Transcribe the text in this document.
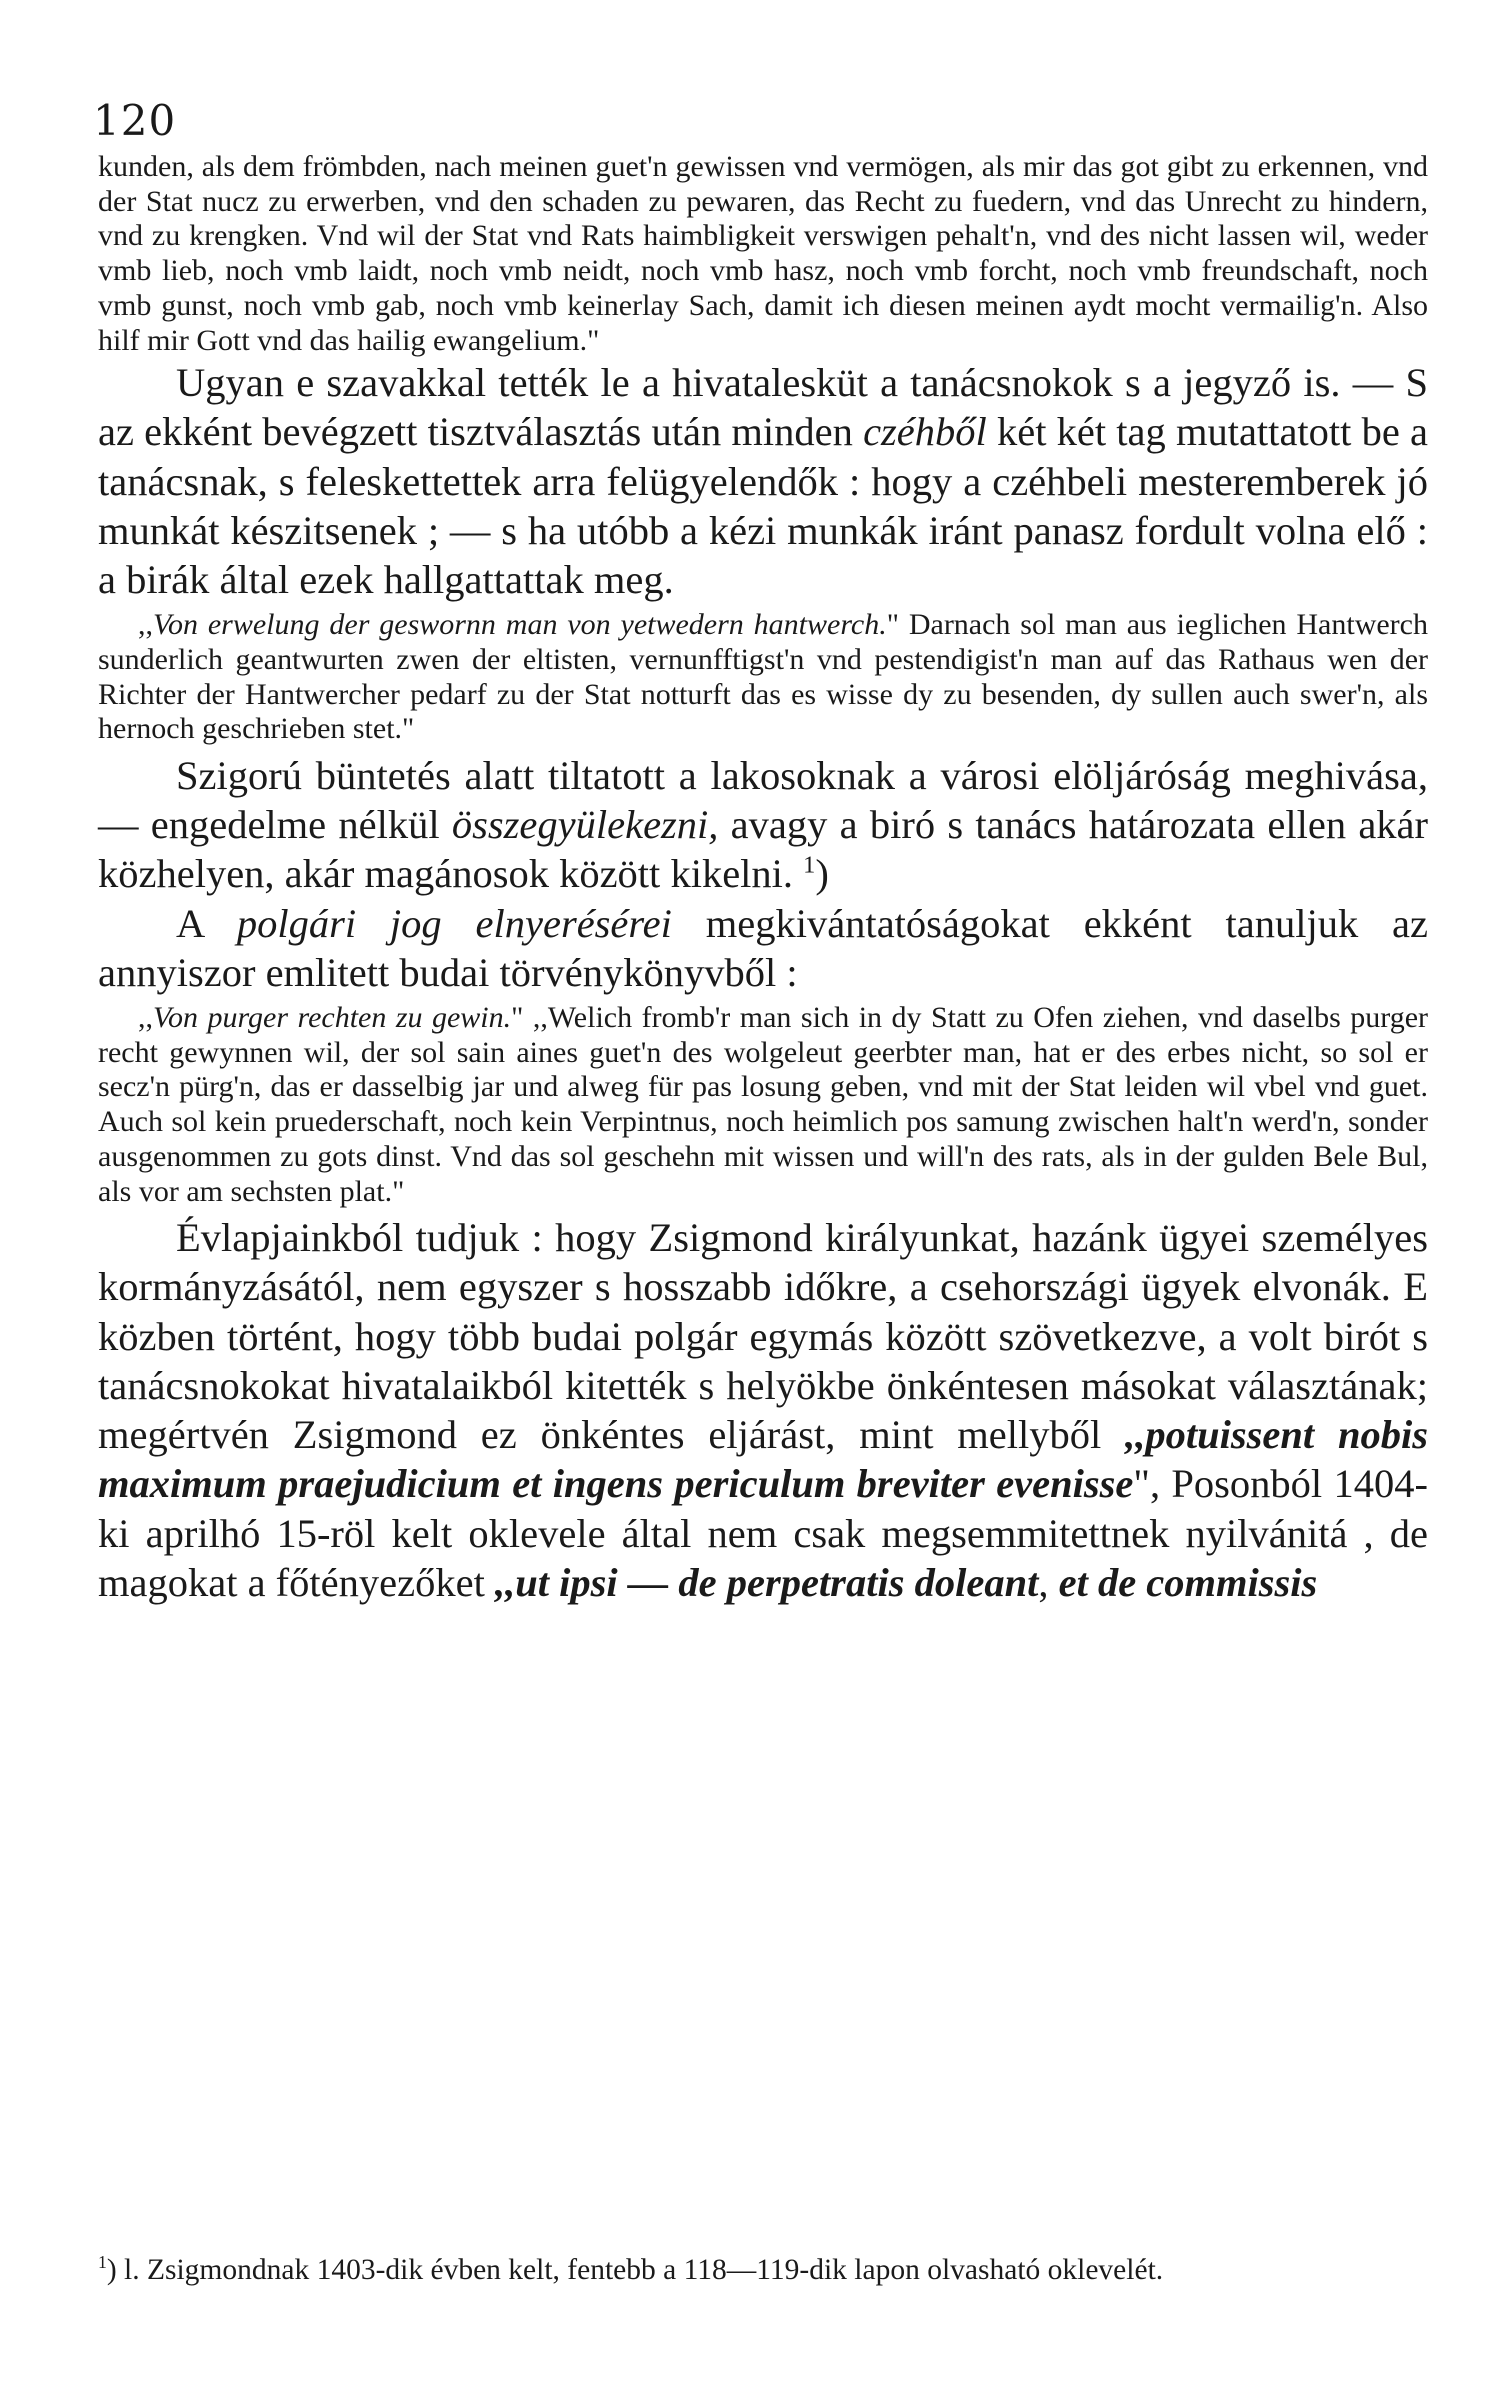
120

kunden, als dem frömbden, nach meinen guet'n gewissen vnd vermögen, als mir das got gibt zu erkennen, vnd der Stat nucz zu erwerben, vnd den schaden zu pewaren, das Recht zu fuedern, vnd das Unrecht zu hindern, vnd zu krengken. Vnd wil der Stat vnd Rats haimbligkeit verswigen pehalt'n, vnd des nicht lassen wil, weder vmb lieb, noch vmb laidt, noch vmb neidt, noch vmb hasz, noch vmb forcht, noch vmb freundschaft, noch vmb gunst, noch vmb gab, noch vmb keinerlay Sach, damit ich diesen meinen aydt mocht vermailig'n. Also hilf mir Gott vnd das hailig ewangelium."

Ugyan e szavakkal tették le a hivatalesküt a tanácsnokok s a jegyző is. — S az ekként bevégzett tisztválasztás után minden czéhből két két tag mutattatott be a tanácsnak, s feleskettettek arra felügyelendők : hogy a czéhbeli mesteremberek jó munkát készitsenek ; — s ha utóbb a kézi munkák iránt panasz fordult volna elő : a birák által ezek hallgattattak meg.

,,Von erwelung der geswornn man von yetwedern hantwerch." Darnach sol man aus ieglichen Hantwerch sunderlich geantwurten zwen der eltisten, vernunfftigst'n vnd pestendigist'n man auf das Rathaus wen der Richter der Hantwercher pedarf zu der Stat notturft das es wisse dy zu besenden, dy sullen auch swer'n, als hernoch geschrieben stet."

Szigorú büntetés alatt tiltatott a lakosoknak a városi elöljáróság meghivása, — engedelme nélkül összegyülekezni, avagy a biró s tanács határozata ellen akár közhelyen, akár magánosok között kikelni. $^1$)

A polgári jog elnyerésérei megkivántatóságokat ekként tanuljuk az annyiszor emlitett budai törvénykönyvből :

,,Von purger rechten zu gewin." ,,Welich fromb'r man sich in dy Statt zu Ofen ziehen, vnd daselbs purger recht gewynnen wil, der sol sain aines guet'n des wolgeleut geerbter man, hat er des erbes nicht, so sol er secz'n pürg'n, das er dasselbig jar und alweg für pas losung geben, vnd mit der Stat leiden wil vbel vnd guet. Auch sol kein pruederschaft, noch kein Verpintnus, noch heimlich pos samung zwischen halt'n werd'n, sonder ausgenommen zu gots dinst. Vnd das sol geschehn mit wissen und will'n des rats, als in der gulden Bele Bul, als vor am sechsten plat."

Évlapjainkból tudjuk : hogy Zsigmond királyunkat, hazánk ügyei személyes kormányzásától, nem egyszer s hosszabb időkre, a csehországi ügyek elvonák. E közben történt, hogy több budai polgár egymás között szövetkezve, a volt birót s tanácsnokokat hivatalaikból kitették s helyökbe önkéntesen másokat választának; megértvén Zsigmond ez önkéntes eljárást, mint mellyből ,,potuissent nobis maximum praejudicium et ingens periculum breviter evenisse", Posonból 1404-ki aprilhó 15-röl kelt oklevele által nem csak megsemmitettnek nyilvánitá , de magokat a főtényezőket ,,ut ipsi — de perpetratis doleant, et de commissis

$^1$) l. Zsigmondnak 1403-dik évben kelt, fentebb a 118—119-dik lapon olvasható oklevelét.
